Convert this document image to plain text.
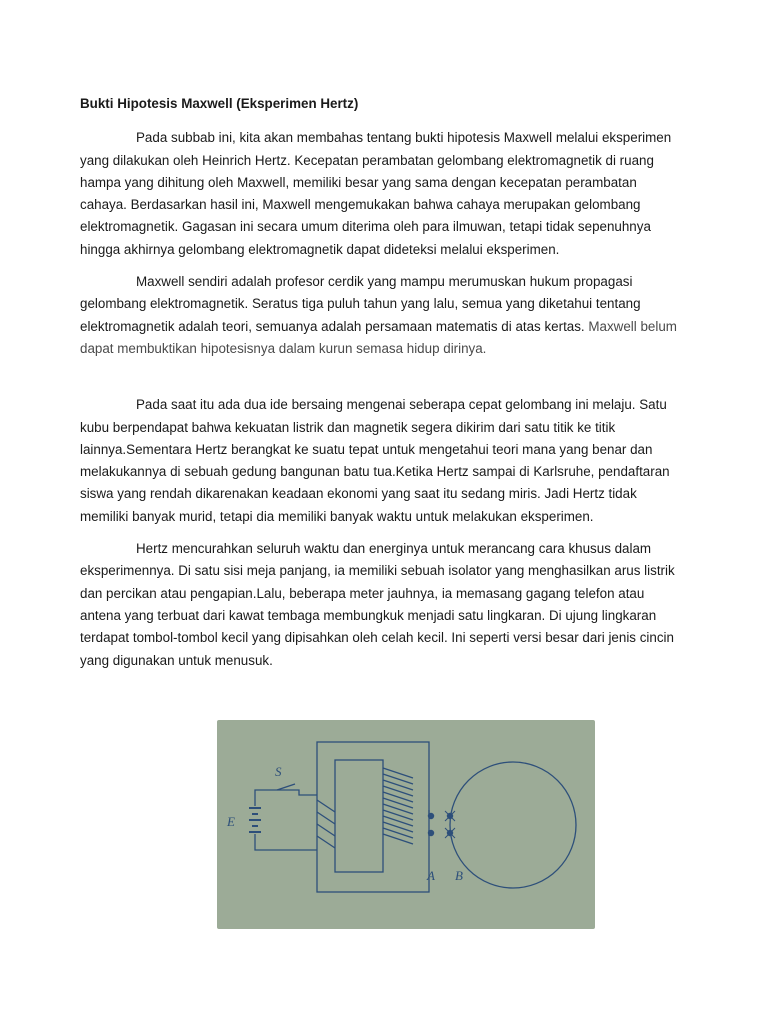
Bukti Hipotesis Maxwell (Eksperimen Hertz)

Pada subbab ini, kita akan membahas tentang bukti hipotesis Maxwell melalui eksperimen yang dilakukan oleh Heinrich Hertz. Kecepatan perambatan gelombang elektromagnetik di ruang hampa yang dihitung oleh Maxwell, memiliki besar yang sama dengan kecepatan perambatan cahaya. Berdasarkan hasil ini, Maxwell mengemukakan bahwa cahaya merupakan gelombang elektromagnetik. Gagasan ini secara umum diterima oleh para ilmuwan, tetapi tidak sepenuhnya hingga akhirnya gelombang elektromagnetik dapat dideteksi melalui eksperimen.

Maxwell sendiri adalah profesor cerdik yang mampu merumuskan hukum propagasi gelombang elektromagnetik. Seratus tiga puluh tahun yang lalu, semua yang diketahui tentang elektromagnetik adalah teori, semuanya adalah persamaan matematis di atas kertas. Maxwell belum dapat membuktikan hipotesisnya dalam kurun semasa hidup dirinya.

Pada saat itu ada dua ide bersaing mengenai seberapa cepat gelombang ini melaju. Satu kubu berpendapat bahwa kekuatan listrik dan magnetik segera dikirim dari satu titik ke titik lainnya.Sementara Hertz berangkat ke suatu tepat untuk mengetahui teori mana yang benar dan melakukannya di sebuah gedung bangunan batu tua.Ketika Hertz sampai di Karlsruhe, pendaftaran siswa yang rendah dikarenakan keadaan ekonomi yang saat itu sedang miris. Jadi Hertz tidak memiliki banyak murid, tetapi dia memiliki banyak waktu untuk melakukan eksperimen.

Hertz mencurahkan seluruh waktu dan energinya untuk merancang cara khusus dalam eksperimennya. Di satu sisi meja panjang, ia memiliki sebuah isolator yang menghasilkan arus listrik dan percikan atau pengapian.Lalu, beberapa meter jauhnya, ia memasang gagang telefon atau antena yang terbuat dari kawat tembaga membungkuk menjadi satu lingkaran. Di ujung lingkaran terdapat tombol-tombol kecil yang dipisahkan oleh celah kecil. Ini seperti versi besar dari jenis cincin yang digunakan untuk menusuk.

S
E
A B
